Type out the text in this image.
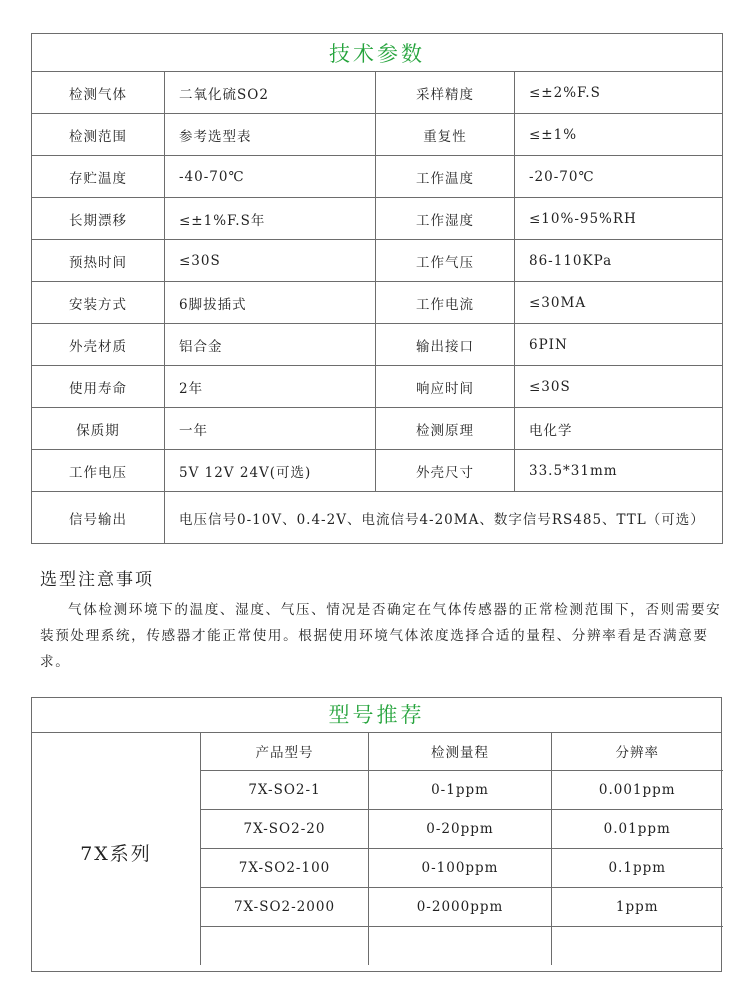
技术参数			
检测气体	二氧化硫SO2	采样精度	≤±2%F.S
检测范围	参考选型表	重复性	≤±1%
存贮温度	-40-70℃	工作温度	-20-70℃
长期漂移	≤±1%F.S年	工作湿度	≤10%-95%RH
预热时间	≤30S	工作气压	86-110KPa
安装方式	6脚拔插式	工作电流	≤30MA
外壳材质	铝合金	输出接口	6PIN
使用寿命	2年	响应时间	≤30S
保质期	一年	检测原理	电化学
工作电压	5V 12V 24V(可选)	外壳尺寸	33.5*31mm
信号输出	电压信号0-10V、0.4-2V、电流信号4-20MA、数字信号RS485、TTL（可选）		
选型注意事项

气体检测环境下的温度、湿度、气压、情况是否确定在气体传感器的正常检测范围下，否则需要安装预处理系统，传感器才能正常使用。根据使用环境气体浓度选择合适的量程、分辨率看是否满意要求。

型号推荐
7X系列
产品型号	检测量程	分辨率
7X-SO2-1	0-1ppm	0.001ppm
7X-SO2-20	0-20ppm	0.01ppm
7X-SO2-100	0-100ppm	0.1ppm
7X-SO2-2000	0-2000ppm	1ppm
